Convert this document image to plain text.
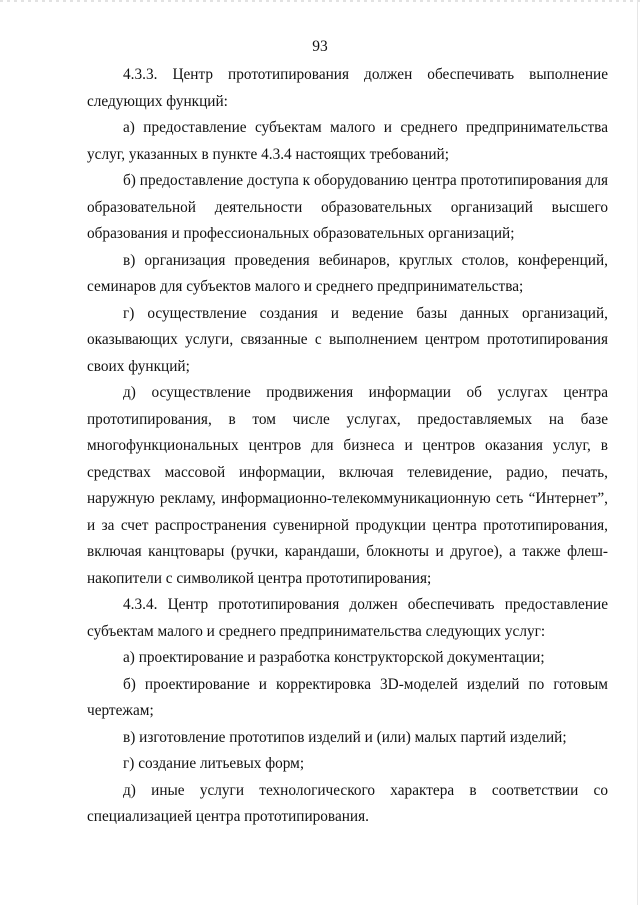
93

4.3.3. Центр прототипирования должен обеспечивать выполнение следующих функций:

а) предоставление субъектам малого и среднего предпринимательства услуг, указанных в пункте 4.3.4 настоящих требований;

б) предоставление доступа к оборудованию центра прототипирования для образовательной деятельности образовательных организаций высшего образования и профессиональных образовательных организаций;

в) организация проведения вебинаров, круглых столов, конференций, семинаров для субъектов малого и среднего предпринимательства;

г) осуществление создания и ведение базы данных организаций, оказывающих услуги, связанные с выполнением центром прототипирования своих функций;

д) осуществление продвижения информации об услугах центра прототипирования, в том числе услугах, предоставляемых на базе многофункциональных центров для бизнеса и центров оказания услуг, в средствах массовой информации, включая телевидение, радио, печать, наружную рекламу, информационно-телекоммуникационную сеть “Интернет”, и за счет распространения сувенирной продукции центра прототипирования, включая канцтовары (ручки, карандаши, блокноты и другое), а также флеш-накопители с символикой центра прототипирования;

4.3.4. Центр прототипирования должен обеспечивать предоставление субъектам малого и среднего предпринимательства следующих услуг:

а) проектирование и разработка конструкторской документации;

б) проектирование и корректировка 3D-моделей изделий по готовым чертежам;

в) изготовление прототипов изделий и (или) малых партий изделий;

г) создание литьевых форм;

д) иные услуги технологического характера в соответствии со специализацией центра прототипирования.
